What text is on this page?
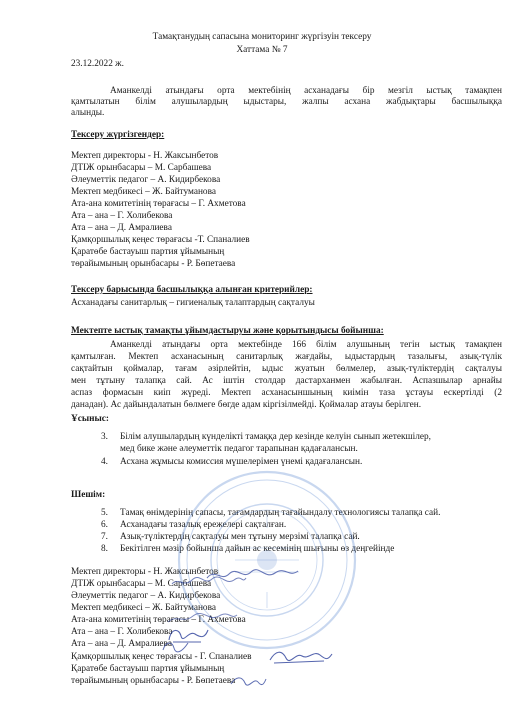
Тамақтанудың сапасына мониторинг жүргізуін тексеру
Хаттама № 7
23.12.2022 ж.
Аманкелді атындағы орта мектебінің асханадағы бір мезгіл ыстық тамақпен
қамтылатын білім алушылардың ыдыстары, жалпы асхана жабдықтары басшылыққа
алынды.
Тексеру жүргізгендер:
Мектеп директоры - Н. Жаксынбетов
ДТІЖ орынбасары – М. Сарбашева
Әлеуметтік педагог – А. Кидирбекова
Мектеп медбикесі – Ж. Байтуманова
Ата-ана комитетінің төрағасы – Г. Ахметова
Ата – ана – Г. Холибекова
Ата – ана – Д. Амралиева
Қамқоршылық кеңес төрағасы -Т. Спаналиев
Қаратөбе бастауыш партия ұйымының
төрайымының орынбасары - Р. Бөпетаева
Тексеру барысында басшылыққа алынған критерийлер:
Асханадағы санитарлық – гигиеналық талаптардың сақталуы
Мектепте ыстық тамақты ұйымдастыруы және қорытындысы бойынша:
Аманкелді атындағы орта мектебінде 166 білім алушының тегін ыстық тамақпен
қамтылған. Мектеп асханасының санитарлық жағдайы, ыдыстардың тазалығы, азық-түлік
сақтайтын қоймалар, тағам әзірлейтін, ыдыс жуатын бөлмелер, азық-түліктердің сақталуы
мен тұтыну талапқа сай. Ас іштін столдар дастарханмен жабылған. Аспазшылар арнайы
аспаз формасын киіп жүреді. Мектеп асханасыншының киімін таза ұстауы ескертілді (2
данадан). Ас дайындалатын бөлмеге бөгде адам кіргізілмейді. Қоймалар атауы берілген.
Ұсыныс:
3. Білім алушылардың күнделікті тамаққа дер кезінде келуін сынып жетекшілер,
мед бике және әлеуметтік педагог тарапынан қадағалансын.
4. Асхана жұмысы комиссия мүшелерімен үнемі қадағалансын.
Шешім:
5. Тамақ өнімдерінің сапасы, тағамдардың тағайындалу технологиясы талапқа сай.
6. Асханадағы тазалық ережелері сақталған.
7. Азық-түліктердің сақталуы мен тұтыну мерзімі талапқа сай.
8. Бекітілген мәзір бойынша дайын ас кесемінің шығыны өз деңгейінде
Мектеп директоры - Н. Жаксынбетов
ДТІЖ орынбасары – М. Сарбашева
Әлеуметтік педагог – А. Кидирбекова
Мектеп медбикесі – Ж. Байтуманова
Ата-ана комитетінің төрағасы – Г. Ахметова
Ата – ана – Г. Холибекова
Ата – ана – Д. Амралиева
Қамқоршылық кеңес төрағасы - Г. Спаналиев
Қаратөбе бастауыш партия ұйымының
төрайымының орынбасары - Р. Бөпетаева
